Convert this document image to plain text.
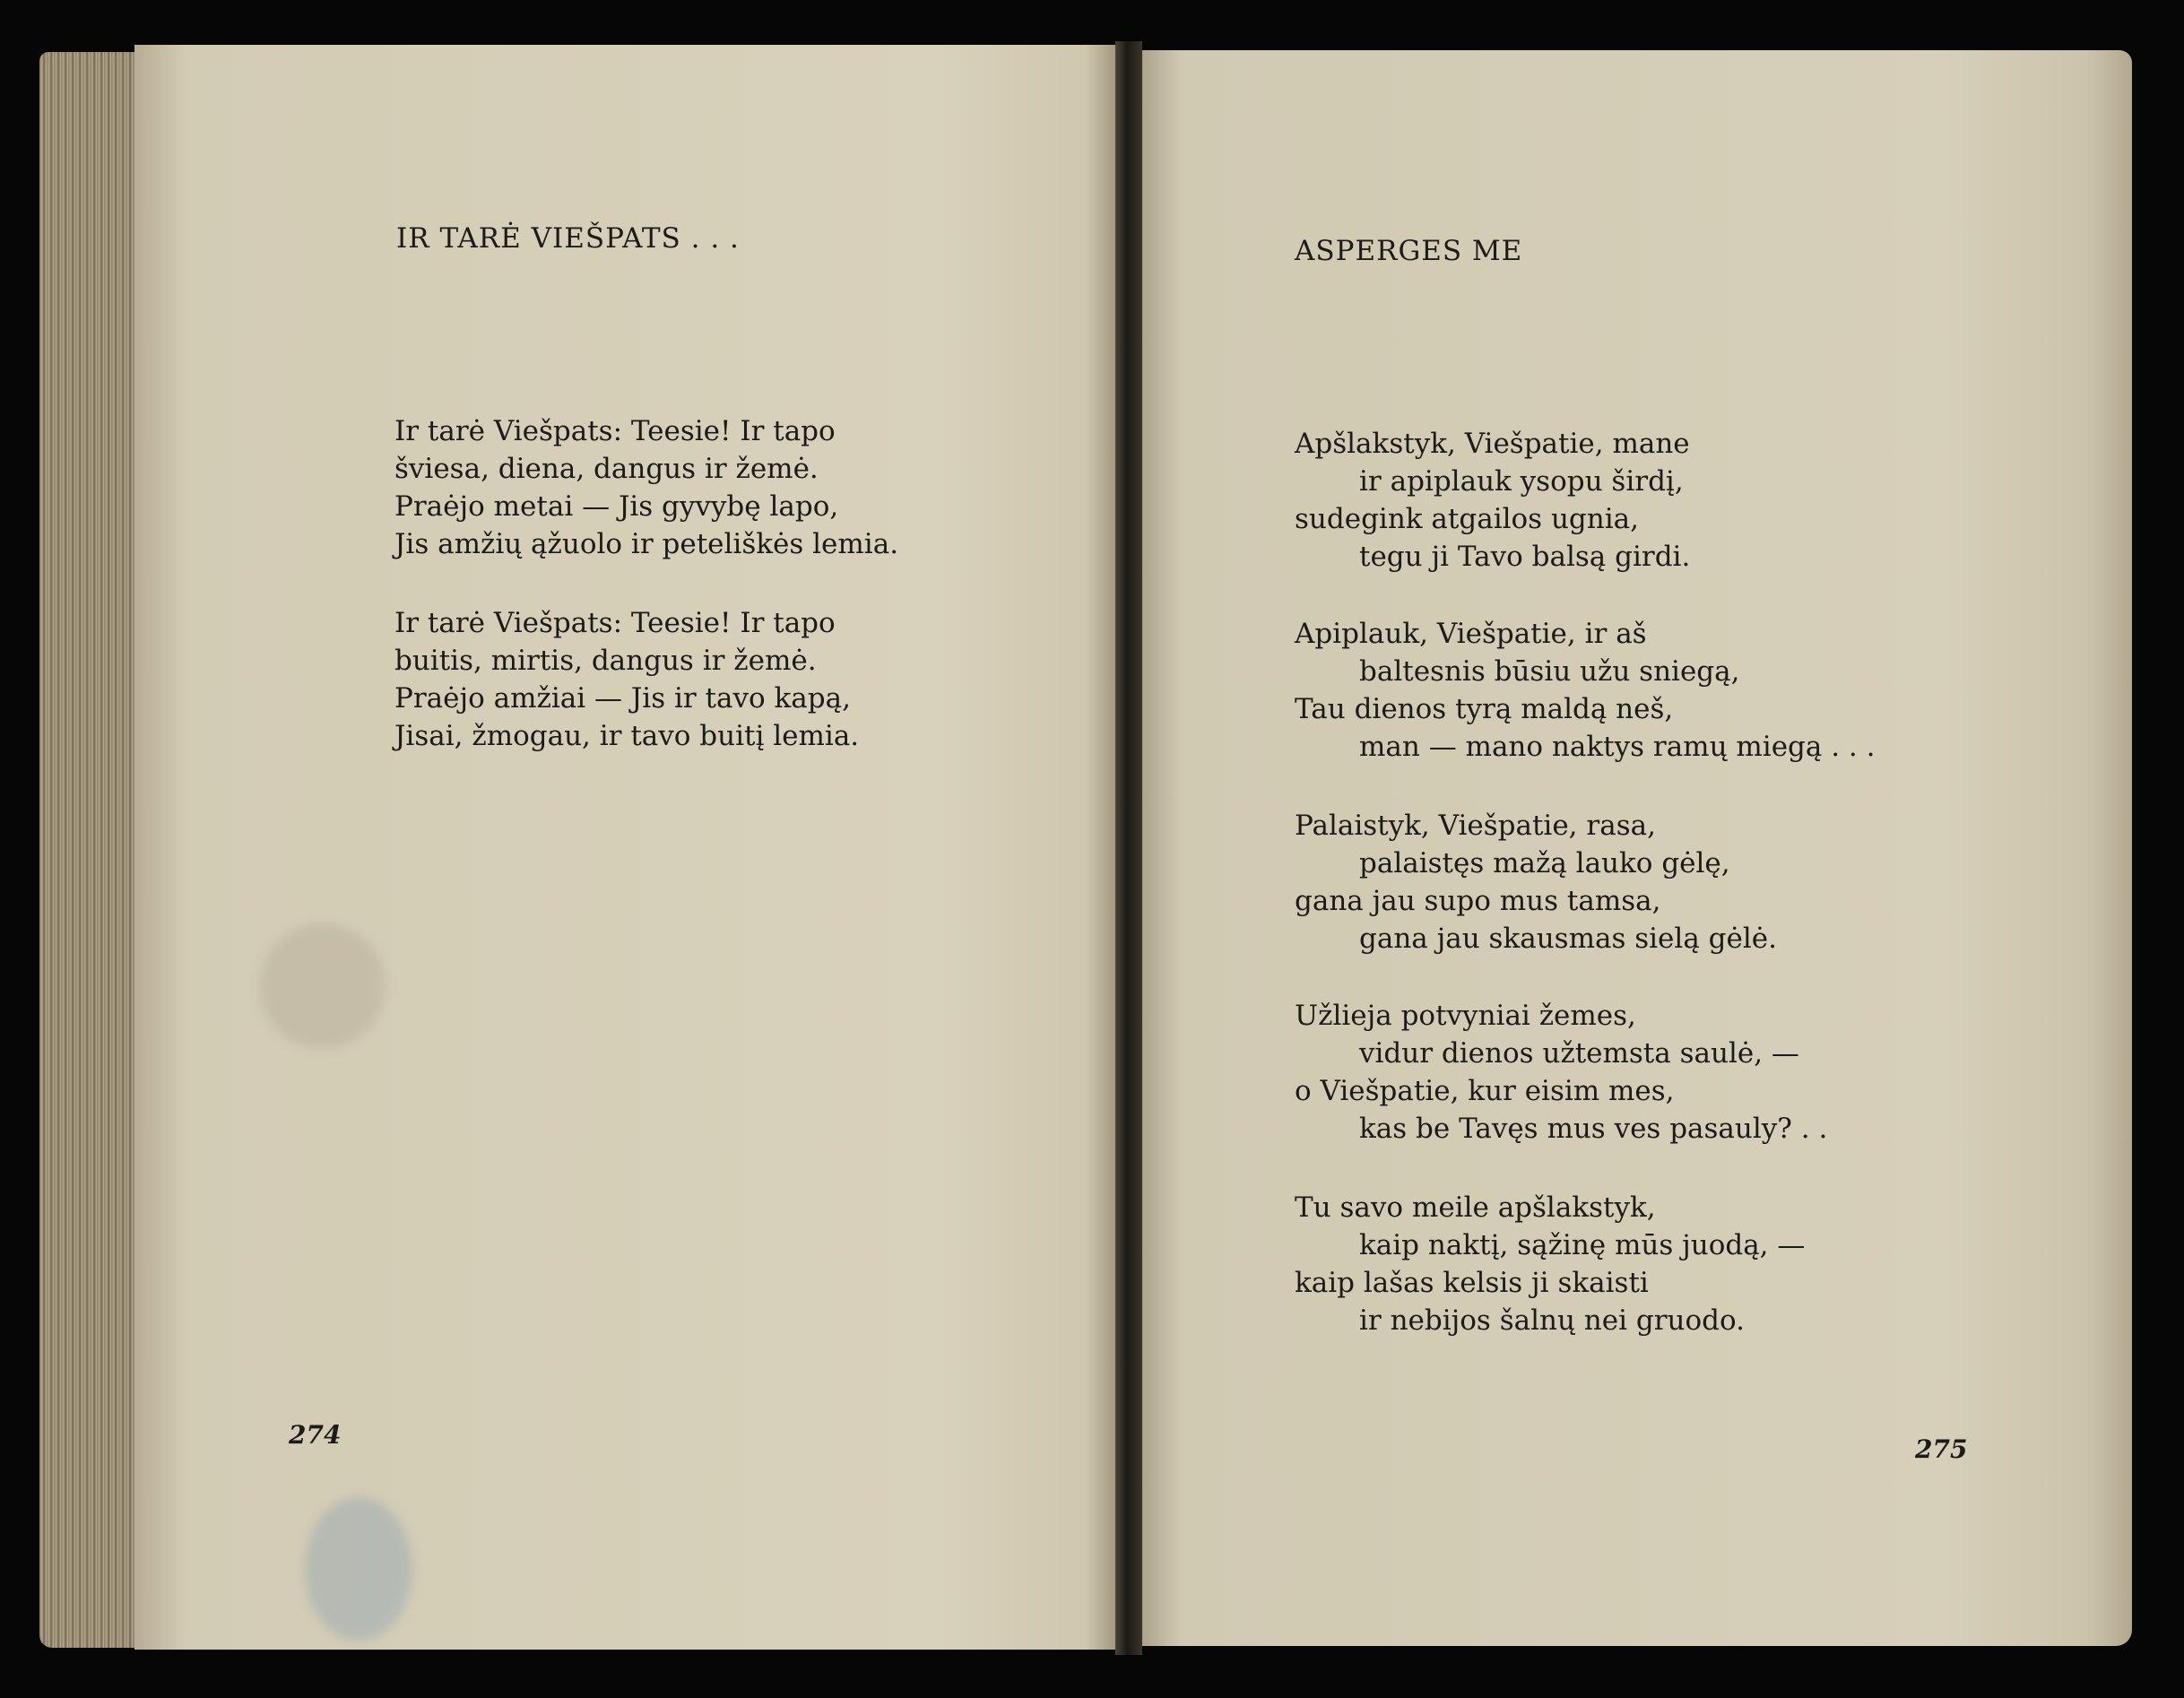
IR TARĖ VIEŠPATS . . .
Ir tarė Viešpats: Teesie! Ir tapo
šviesa, diena, dangus ir žemė.
Praėjo metai — Jis gyvybę lapo,
Jis amžių ąžuolo ir peteliškės lemia.
Ir tarė Viešpats: Teesie! Ir tapo
buitis, mirtis, dangus ir žemė.
Praėjo amžiai — Jis ir tavo kapą,
Jisai, žmogau, ir tavo buitį lemia.
274
ASPERGES ME
Apšlakstyk, Viešpatie, mane
ir apiplauk ysopu širdį,
sudegink atgailos ugnia,
tegu ji Tavo balsą girdi.
Apiplauk, Viešpatie, ir aš
baltesnis būsiu užu sniegą,
Tau dienos tyrą maldą neš,
man — mano naktys ramų miegą . . .
Palaistyk, Viešpatie, rasa,
palaistęs mažą lauko gėlę,
gana jau supo mus tamsa,
gana jau skausmas sielą gėlė.
Užlieja potvyniai žemes,
vidur dienos užtemsta saulė, —
o Viešpatie, kur eisim mes,
kas be Tavęs mus ves pasauly? . .
Tu savo meile apšlakstyk,
kaip naktį, sąžinę mūs juodą, —
kaip lašas kelsis ji skaisti
ir nebijos šalnų nei gruodo.
275
